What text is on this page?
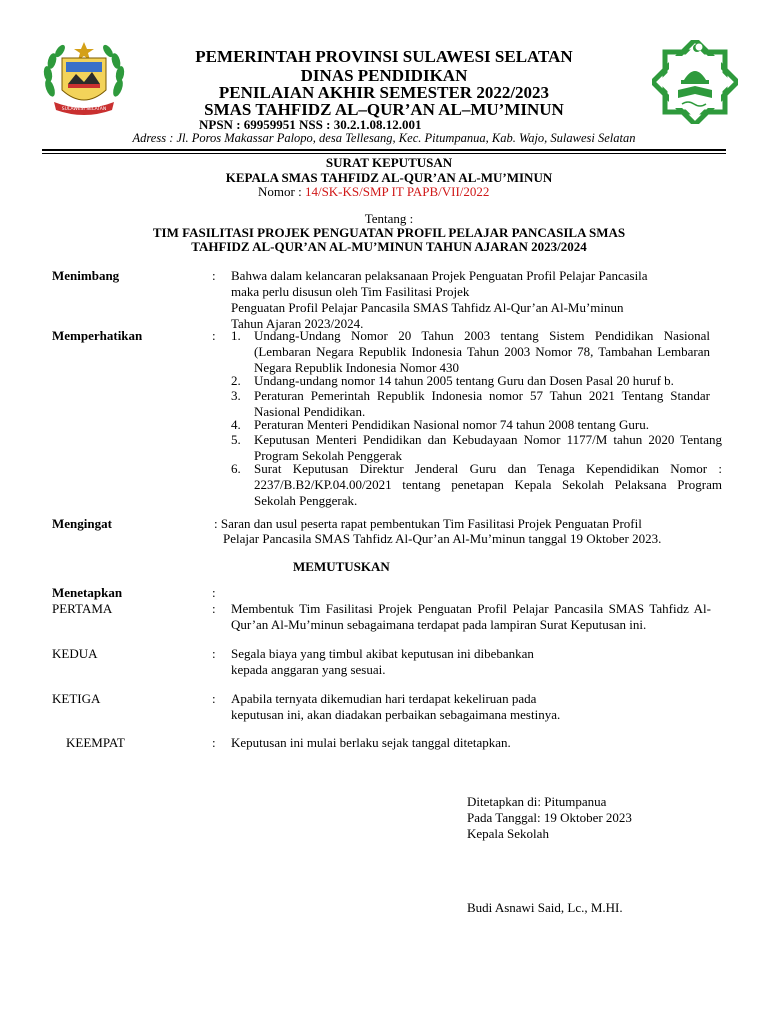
SULAWESI SELATAN
PEMERINTAH PROVINSI SULAWESI SELATAN
DINAS PENDIDIKAN
PENILAIAN AKHIR SEMESTER 2022/2023
SMAS TAHFIDZ AL–QUR’AN AL–MU’MINUN
NPSN : 69959951 NSS : 30.2.1.08.12.001
Adress : Jl. Poros Makassar Palopo, desa Tellesang, Kec. Pitumpanua, Kab. Wajo, Sulawesi Selatan
SURAT KEPUTUSAN
KEPALA SMAS TAHFIDZ AL-QUR’AN AL-MU’MINUN
Nomor : 14/SK-KS/SMP IT PAPB/VII/2022
Tentang :
TIM FASILITASI PROJEK PENGUATAN PROFIL PELAJAR PANCASILA SMAS
TAHFIDZ AL-QUR’AN AL-MU’MINUN TAHUN AJARAN 2023/2024
Menimbang	: Bahwa dalam kelancaran pelaksanaan Projek Penguatan Profil Pelajar Pancasila
maka perlu disusun oleh Tim Fasilitasi Projek
Penguatan Profil Pelajar Pancasila SMAS Tahfidz Al-Qur’an Al-Mu’minun
Tahun Ajaran 2023/2024.
Memperhatikan	: 1. Undang-Undang Nomor 20 Tahun 2003 tentang Sistem Pendidikan Nasional (Lembaran Negara Republik Indonesia Tahun 2003 Nomor 78, Tambahan Lembaran Negara Republik Indonesia Nomor 430
2. Undang-undang nomor 14 tahun 2005 tentang Guru dan Dosen Pasal 20 huruf b.
3. Peraturan Pemerintah Republik Indonesia nomor 57 Tahun 2021 Tentang Standar Nasional Pendidikan.
4. Peraturan Menteri Pendidikan Nasional nomor 74 tahun 2008 tentang Guru.
5. Keputusan Menteri Pendidikan dan Kebudayaan Nomor 1177/M tahun 2020 Tentang Program Sekolah Penggerak
6. Surat Keputusan Direktur Jenderal Guru dan Tenaga Kependidikan Nomor : 2237/B.B2/KP.04.00/2021 tentang penetapan Kepala Sekolah Pelaksana Program Sekolah Penggerak.
Mengingat	: Saran dan usul peserta rapat pembentukan Tim Fasilitasi Projek Penguatan Profil
Pelajar Pancasila SMAS Tahfidz Al-Qur’an Al-Mu’minun tanggal 19 Oktober 2023.
MEMUTUSKAN
Menetapkan	:
PERTAMA	: Membentuk Tim Fasilitasi Projek Penguatan Profil Pelajar Pancasila SMAS Tahfidz Al-Qur’an Al-Mu’minun sebagaimana terdapat pada lampiran Surat Keputusan ini.
KEDUA	: Segala biaya yang timbul akibat keputusan ini dibebankan
kepada anggaran yang sesuai.
KETIGA	: Apabila ternyata dikemudian hari terdapat kekeliruan pada
keputusan ini, akan diadakan perbaikan sebagaimana mestinya.
KEEMPAT	: Keputusan ini mulai berlaku sejak tanggal ditetapkan.
Ditetapkan di: Pitumpanua
Pada Tanggal: 19 Oktober 2023
Kepala Sekolah
Budi Asnawi Said, Lc., M.HI.
